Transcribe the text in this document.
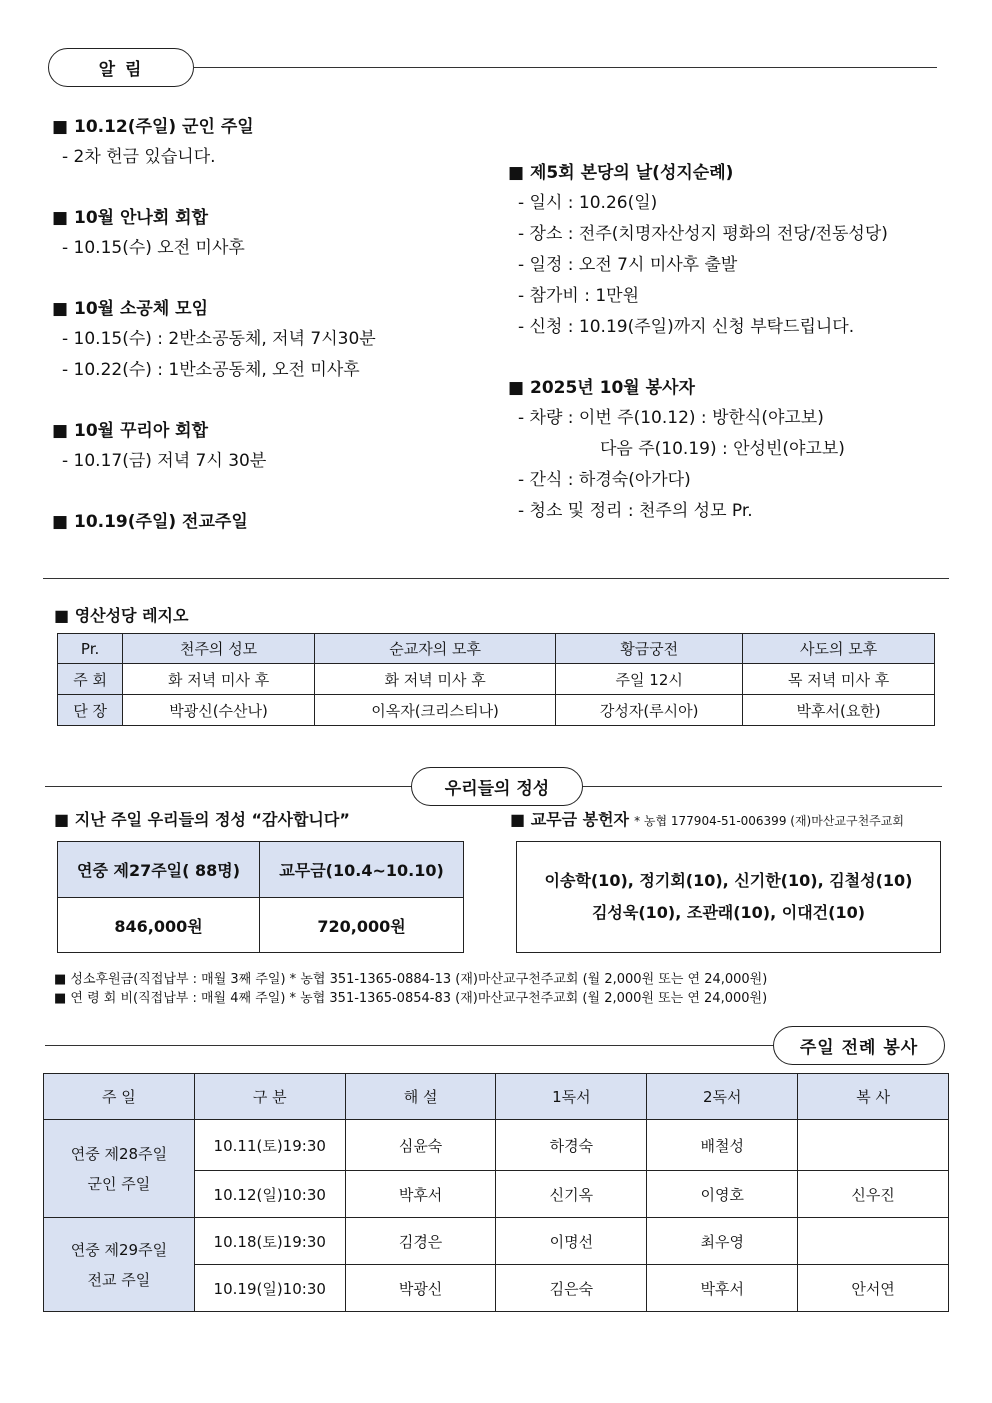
알 림

■ 10.12(주일) 군인 주일

- 2차 헌금 있습니다.

■ 10월 안나회 회합

- 10.15(수) 오전 미사후

■ 10월 소공체 모임

- 10.15(수) : 2반소공동체, 저녁 7시30분

- 10.22(수) : 1반소공동체, 오전 미사후

■ 10월 꾸리아 회합

- 10.17(금) 저녁 7시 30분

■ 10.19(주일) 전교주일

■ 제5회 본당의 날(성지순례)

- 일시 : 10.26(일)

- 장소 : 전주(치명자산성지 평화의 전당/전동성당)

- 일정 : 오전 7시 미사후 출발

- 참가비 : 1만원

- 신청 : 10.19(주일)까지 신청 부탁드립니다.

■ 2025년 10월 봉사자

- 차량 : 이번 주(10.12) : 방한식(야고보)

다음 주(10.19) : 안성빈(야고보)

- 간식 : 하경숙(아가다)

- 청소 및 정리 : 천주의 성모 Pr.

■ 영산성당 레지오

Pr.	천주의 성모	순교자의 모후	황금궁전	사도의 모후
주 회	화 저녁 미사 후	화 저녁 미사 후	주일 12시	목 저녁 미사 후
단 장	박광신(수산나)	이옥자(크리스티나)	강성자(루시아)	박후서(요한)
우리들의 정성

■ 지난 주일 우리들의 정성 “감사합니다”	■ 교무금 봉헌자 * 농협 177904-51-006399 (재)마산교구천주교회
연중 제27주일( 88명)	교무금(10.4~10.10)
846,000원	720,000원
이송학(10), 정기회(10), 신기한(10), 김철성(10)
김성욱(10), 조관래(10), 이대건(10)
■ 성소후원금(직접납부 : 매월 3째 주일) * 농협 351-1365-0884-13 (재)마산교구천주교회 (월 2,000원 또는 연 24,000원)
■ 연 령 회 비(직접납부 : 매월 4째 주일) * 농협 351-1365-0854-83 (재)마산교구천주교회 (월 2,000원 또는 연 24,000원)
주일 전례 봉사
주 일	구 분	해 설	1독서	2독서	복 사

연중 제28주일
군인 주일	10.11(토)19:30	심윤숙	하경숙	배철성	
	10.12(일)10:30	박후서	신기옥	이영호	신우진

연중 제29주일
전교 주일	10.18(토)19:30	김경은	이명선	최우영	
	10.19(일)10:30	박광신	김은숙	박후서	안서연
